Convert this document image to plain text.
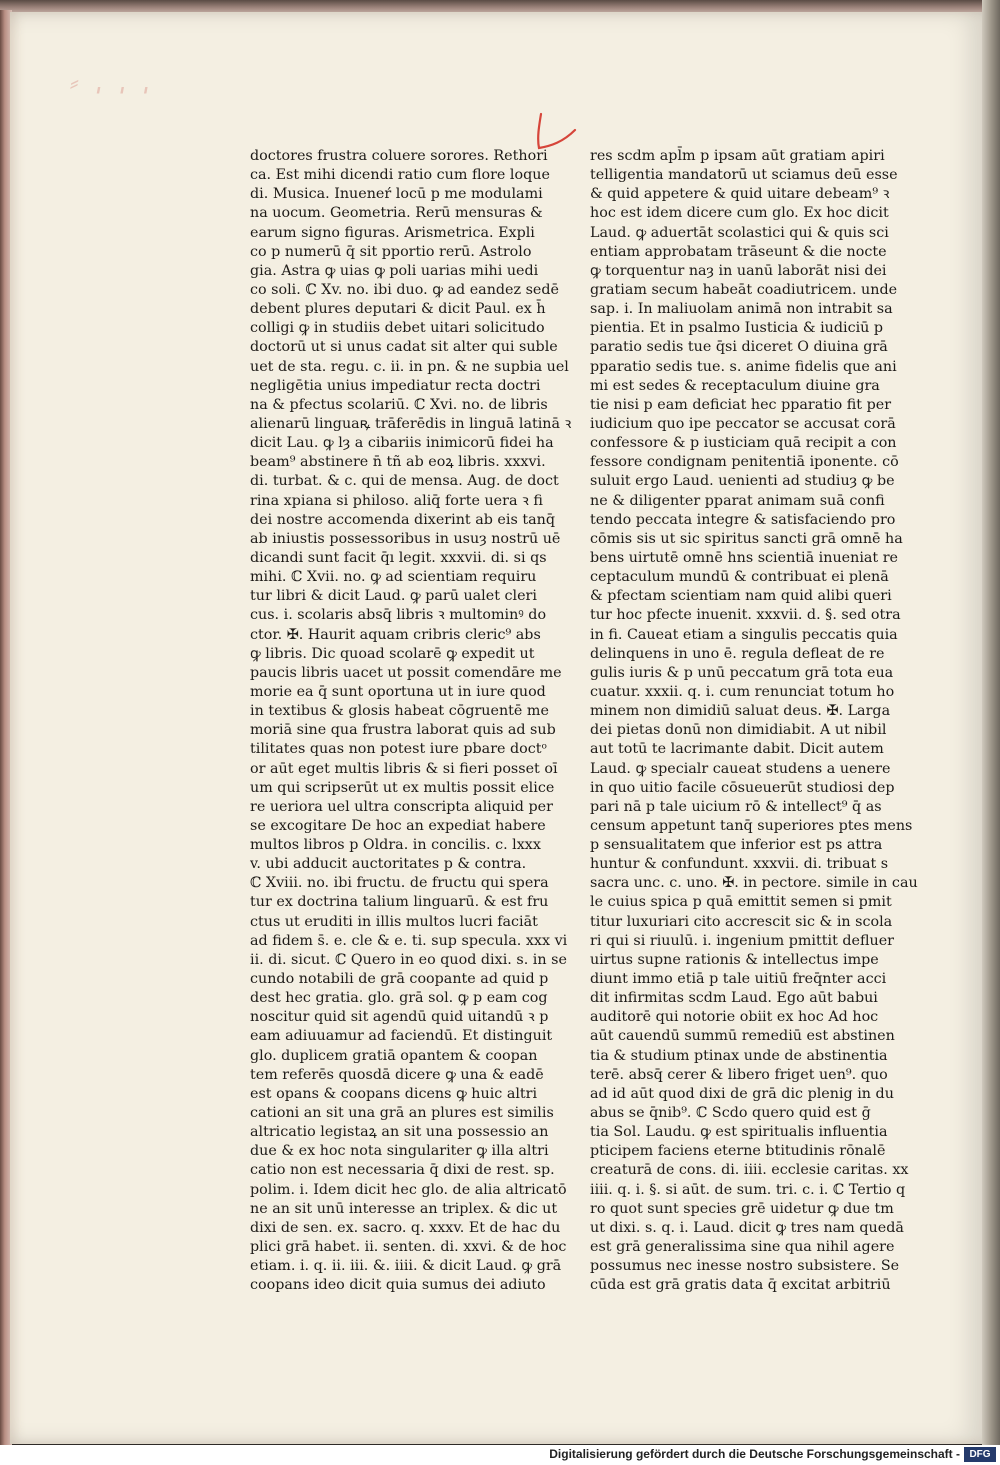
⸗ ˌ ˌ ˌ
doctores frustra coluere sorores. Rethori
ca. Est mihi dicendi ratio cum flore loque
di. Musica. Inueneŕ locū p me modulami
na uocum. Geometria. Rerū mensuras &
earum signo figuras. Arismetrica. Expli
co p numerū q̄ sit pportio rerū. Astrolo
gia. Astra ꝙ uias ꝙ poli uarias mihi uedi
co soli. ℂ Xv. no. ibi duo. ꝙ ad eandez sedē
debent plures deputari & dicit Paul. ex h̄
colligi ꝙ in studiis debet uitari solicitudo
doctorū ut si unus cadat sit alter qui suble
uet de sta. regu. c. ii. in pn. & ne supbia uel
negligētia unius impediatur recta doctri
na & pfectus scolariū. ℂ Xvi. no. de libris
alienarū linguaꝶ trāferēdis in linguā latinā ꝛ
dicit Lau. ꝙ lȝ a cibariis inimicorū fidei ha
beam⁹ abstinere n̄ tñ ab eoꝝ libris. xxxvi.
di. turbat. & c. qui de mensa. Aug. de doct
rina xpiana si philoso. aliq̄ forte uera ꝛ fi
dei nostre accomenda dixerint ab eis tanq̄
ab iniustis possessoribus in usuȝ nostrū uē
dicandi sunt facit q̄ı legit. xxxvii. di. si qs
mihi. ℂ Xvii. no. ꝙ ad scientiam requiru
tur libri & dicit Laud. ꝙ parū ualet cleri
cus. i. scolaris absq̄ libris ꝛ multominꝰ do
ctor. ✠. Haurit aquam cribris cleric⁹ abs
ꝙ libris. Dic quoad scolarē ꝙ expedit ut
paucis libris uacet ut possit comendāre me
morie ea q̄ sunt oportuna ut in iure quod
in textibus & glosis habeat cōgruentē me
moriā sine qua frustra laborat quis ad sub
tilitates quas non potest iure pbare doctᵒ
or aūt eget multis libris & si fieri posset oī
um qui scripserūt ut ex multis possit elice
re ueriora uel ultra conscripta aliquid per
se excogitare De hoc an expediat habere
multos libros p Oldra. in concilis. c. lxxx
v. ubi adducit auctoritates p & contra.
ℂ Xviii. no. ibi fructu. de fructu qui spera
tur ex doctrina talium linguarū. & est fru
ctus ut eruditi in illis multos lucri faciāt
ad fidem s̄. e. cle & e. ti. sup specula. xxx vi
ii. di. sicut. ℂ Quero in eo quod dixi. s. in se
cundo notabili de grā coopante ad quid p
dest hec gratia. glo. grā sol. ꝙ p eam cog
noscitur quid sit agendū quid uitandū ꝛ p
eam adiuuamur ad faciendū. Et distinguit
glo. duplicem gratiā opantem & coopan
tem referēs quosdā dicere ꝙ una & eadē
est opans & coopans dicens ꝙ huic altri
cationi an sit una grā an plures est similis
altricatio legistaꝝ an sit una possessio an
due & ex hoc nota singulariter ꝙ illa altri
catio non est necessaria q̄ dixi de rest. sp.
polim. i. Idem dicit hec glo. de alia altricatō
ne an sit unū interesse an triplex. & dic ut
dixi de sen. ex. sacro. q. xxxv. Et de hac du
plici grā habet. ii. senten. di. xxvi. & de hoc
etiam. i̇. q. ii. iii. &. iiii. & dicit Laud. ꝙ grā
coopans ideo dicit quia sumus dei adiuto
res scdm apl̄m p ipsam aūt gratiam apiri
telligentia mandatorū ut sciamus deū esse
& quid appetere & quid uitare debeam⁹ ꝛ
hoc est idem dicere cum glo. Ex hoc dicit
Laud. ꝙ aduertāt scolastici qui & quis sci
entiam approbatam trāseunt & die nocte
ꝙ torquentur naȝ in uanū laborāt nisi dei
gratiam secum habeāt coadiutricem. unde
sap. i. In maliuolam animā non intrabit sa
pientia. Et in psalmo Iusticia & iudiciū p
paratio sedis tue q̄si diceret O diuina grā
pparatio sedis tue. s. anime fidelis que ani
mi est sedes & receptaculum diuine gra
tie nisi p eam deficiat hec pparatio fit per
iudicium quo ipe peccator se accusat corā
confessore & p iusticiam quā recipit a con
fessore condignam penitentiā iponente. cō
suluit ergo Laud. uenienti ad studiuȝ ꝙ be
ne & diligenter pparat animam suā confi
tendo peccata integre & satisfaciendo pro
cōmis sis ut sic spiritus sancti grā omnē ha
bens uirtutē omnē hns scientiā inueniat re
ceptaculum mundū & contribuat ei plenā
& pfectam scientiam nam quid alibi queri
tur hoc pfecte inuenit. xxxvii. d. §. sed otra
in fi. Caueat etiam a singulis peccatis quia
delinquens in uno ē. regula defleat de re
gulis iuris & p unū peccatum grā tota eua
cuatur. xxxii. q. i. cum renunciat totum ho
minem non dimidiū saluat deus. ✠. Larga
dei pietas donū non dimidiabit. A ut nibil
aut totū te lacrimante dabit. Dicit autem
Laud. ꝙ specialr caueat studens a uenere
in quo uitio facile cōsueuerūt studiosi dep
pari nā p tale uicium rō & intellect⁹ q̄ as
censum appetunt tanq̄ superiores ptes mens
p sensualitatem que inferior est ps attra
huntur & confundunt. xxxvii. di. tribuat s
sacra unc. c. uno. ✠. in pectore. simile in cau
le cuius spica p quā emittit semen si pmit
titur luxuriari cito accrescit sic & in scola
ri qui si riuulū. i. ingenium pmittit defluer
uirtus supne rationis & intellectus impe
diunt immo etiā p tale uitiū freq̄nter acci
dit infirmitas scdm Laud. Ego aūt babui
auditorē qui notorie obiit ex hoc Ad hoc
aūt cauendū summū remediū est abstinen
tia & studium ptinax unde de abstinentia
terē. absq̄ cerer & libero friget uen⁹. quo
ad id aūt quod dixi de grā dic plenig in du
abus se q̄nib⁹. ℂ Scdo quero quid est ḡ
tia Sol. Laudu. ꝙ est spiritualis influentia
pticipem faciens eterne btitudinis rōnalē
creaturā de cons. di. iiii. ecclesie caritas. xx
iiii. q. i. §. si aūt. de sum. tri. c. i. ℂ Tertio q
ro quot sunt species grē uidetur ꝙ due tm
ut dixi. s. q. i. Laud. dicit ꝙ tres nam quedā
est grā generalissima sine qua nihil agere
possumus nec inesse nostro subsistere. Se
cūda est grā gratis data q̄ excitat arbitriū
Digitalisierung gefördert durch die Deutsche Forschungsgemeinschaft - DFG
